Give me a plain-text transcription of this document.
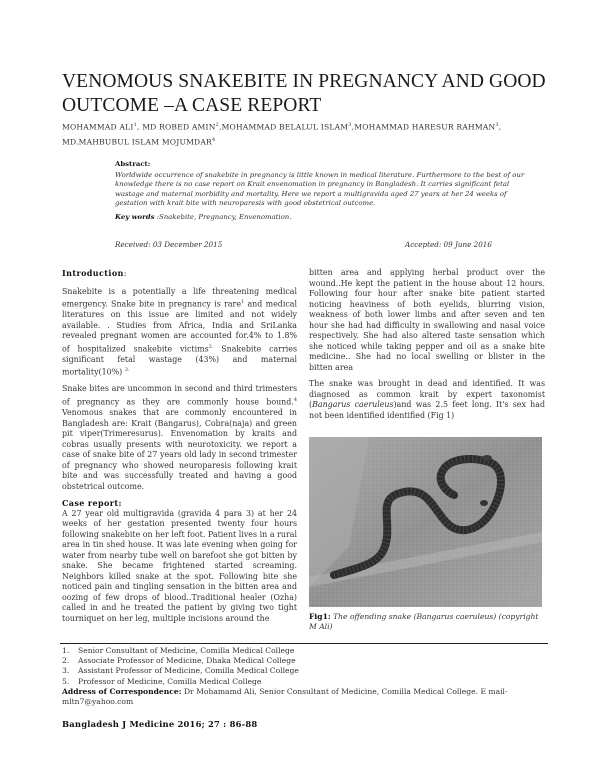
VENOMOUS SNAKEBITE IN PREGNANCY AND GOOD OUTCOME –A CASE REPORT
MOHAMMAD ALI$^1$, MD ROBED AMIN$^2$,MOHAMMAD BELALUL ISLAM$^3$,MOHAMMAD HARESUR RAHMAN$^3$,
MD.MAHBUBUL ISLAM MOJUMDAR$^4$
Abstract:
Worldwide occurrence of snakebite in pregnancy is little known in medical literature. Furthermore to the best of our knowledge there is no case report on Krait envenomation in pregnancy in Bangladesh. It carries significant fetal wastage and maternal morbidity and mortality. Here we report a multigravida aged 27 years at her 24 weeks of gestation with krait bite with neuroparesis with good obstetrical outcome.
Key words :Snakebite, Pregnancy, Envenomation.
Received: 03 December 2015	Accepted: 09 June 2016
Introduction:

Snakebite is a potentially a life threatening medical emergency. Snake bite in pregnancy is rare$^1$ and medical literatures on this issue are limited and not widely available. . Studies from Africa, India and SriLanka revealed pregnant women are accounted for.4% to 1.8% of hospitalized snakebite victims$^{2.}$ Snakebite carries significant fetal wastage (43%) and maternal mortality(10%) $^{3.}$

Snake bites are uncommon in second and third trimesters of pregnancy as they are commonly house bound.$^4$ Venomous snakes that are commonly encountered in Bangladesh are: Krait (Bangarus), Cobra(naja) and green pit viper(Trimeresurus). Envenomation by kraits and cobras usually presents with neurotoxicity. we report a case of snake bite of 27 years old lady in second trimester of pregnancy who showed neuroparesis following krait bite and was successfully treated and having a good obstetrical outcome.

Case report:

A 27 year old multigravida (gravida 4 para 3) at her 24 weeks of her gestation presented twenty four hours following snakebite on her left foot. Patient lives in a rural area in tin shed house. It was late evening when going for water from nearby tube well on barefoot she got bitten by snake. She became frightened started screaming. Neighbors killed snake at the spot. Following bite she noticed pain and tingling sensation in the bitten area and oozing of few drops of blood..Traditional healer (Ozha) called in and he treated the patient by giving two tight tourniquet on her leg, multiple incisions around the

bitten area and applying herbal product over the wound..He kept the patient in the house about 12 hours. Following four hour after snake bite patient started noticing heaviness of both eyelids, blurring vision, weakness of both lower limbs and after seven and ten hour she had had difficulty in swallowing and nasal voice respectively. She had also altered taste sensation which she noticed while taking pepper and oil as a snake bite medicine.. She had no local swelling or blister in the bitten area

The snake was brought in dead and identified. It was diagnosed as common krait by expert taxonomist (Bangarus caeruleus)and was 2.5 feet long. It's sex had not been identified identified (Fig 1)

Fig1: The offending snake (Bangarus caeruleus) (copyright M Ali)
1.	Senior Consultant of Medicine, Comilla Medical College
2.	Associate Professor of Medicine, Dhaka Medical College
3.	Assistant Professor of Medicine, Comilla Medical College
5.	Professor of Medicine, Comilla Medical College
Address of Correspondence: Dr Mohamamd Ali, Senior Consultant of Medicine, Comilla Medical College. E mail-mltn7@yahoo.com
Bangladesh J Medicine 2016; 27 : 86-88
